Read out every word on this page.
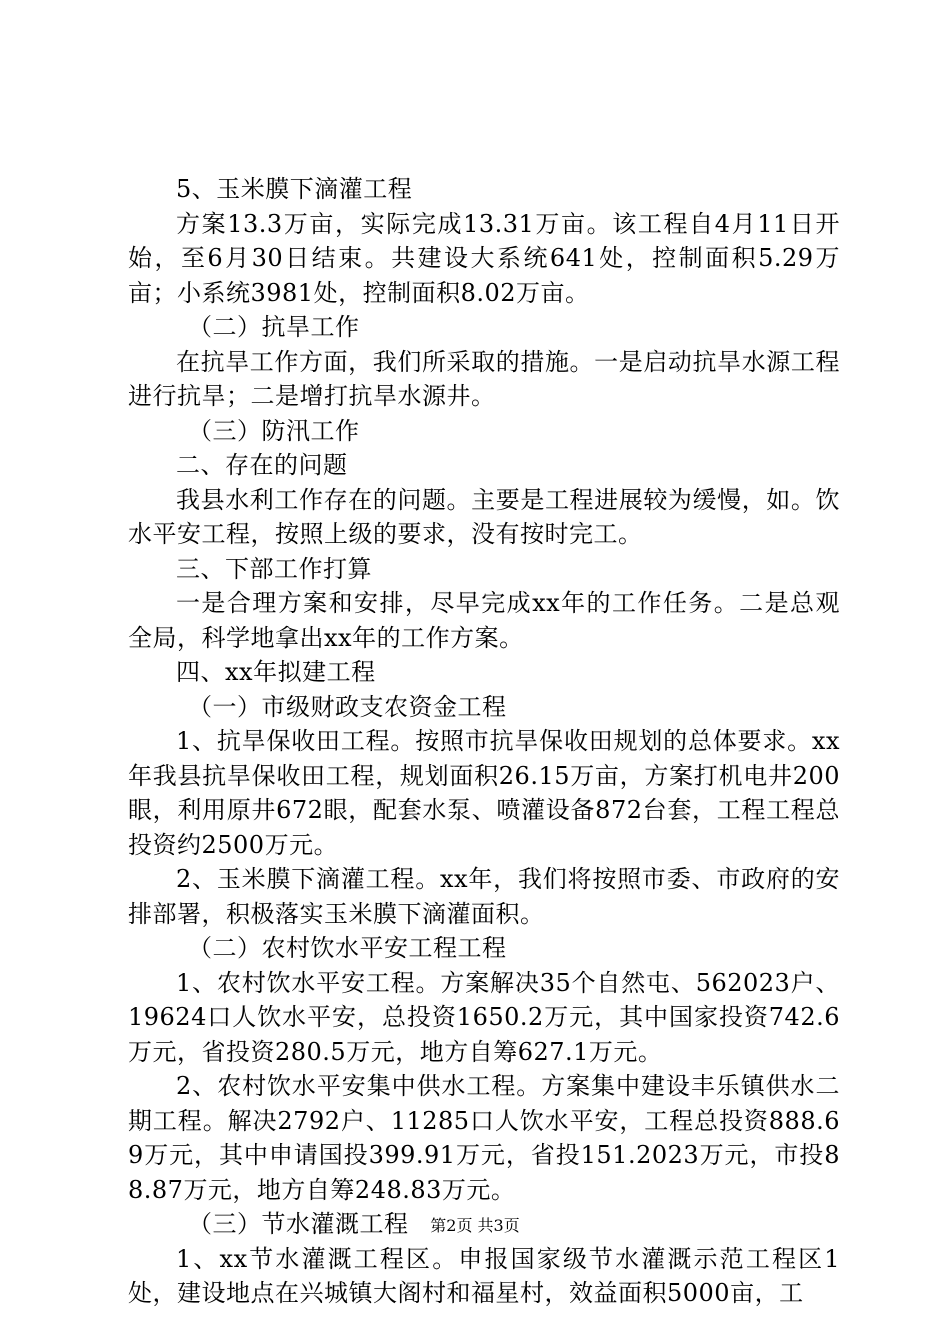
5、玉米膜下滴灌工程

方案13.3万亩，实际完成13.31万亩。该工程自4月11日开始，至6月30日结束。共建设大系统641处，控制面积5.29万亩；小系统3981处，控制面积8.02万亩。

（二）抗旱工作

在抗旱工作方面，我们所采取的措施。一是启动抗旱水源工程进行抗旱；二是增打抗旱水源井。

（三）防汛工作

二、存在的问题

我县水利工作存在的问题。主要是工程进展较为缓慢，如。饮水平安工程，按照上级的要求，没有按时完工。

三、下部工作打算

一是合理方案和安排，尽早完成xx年的工作任务。二是总观全局，科学地拿出xx年的工作方案。

四、xx年拟建工程

（一）市级财政支农资金工程

1、抗旱保收田工程。按照市抗旱保收田规划的总体要求。xx年我县抗旱保收田工程，规划面积26.15万亩，方案打机电井200眼，利用原井672眼，配套水泵、喷灌设备872台套，工程工程总投资约2500万元。

2、玉米膜下滴灌工程。xx年，我们将按照市委、市政府的安排部署，积极落实玉米膜下滴灌面积。

（二）农村饮水平安工程工程

1、农村饮水平安工程。方案解决35个自然屯、562023户、19624口人饮水平安，总投资1650.2万元，其中国家投资742.6万元，省投资280.5万元，地方自筹627.1万元。

2、农村饮水平安集中供水工程。方案集中建设丰乐镇供水二期工程。解决2792户、11285口人饮水平安，工程总投资888.69万元，其中申请国投399.91万元，省投151.2023万元，市投88.87万元，地方自筹248.83万元。

（三）节水灌溉工程

1、xx节水灌溉工程区。申报国家级节水灌溉示范工程区1处，建设地点在兴城镇大阁村和福星村，效益面积5000亩，工

第2页 共3页
